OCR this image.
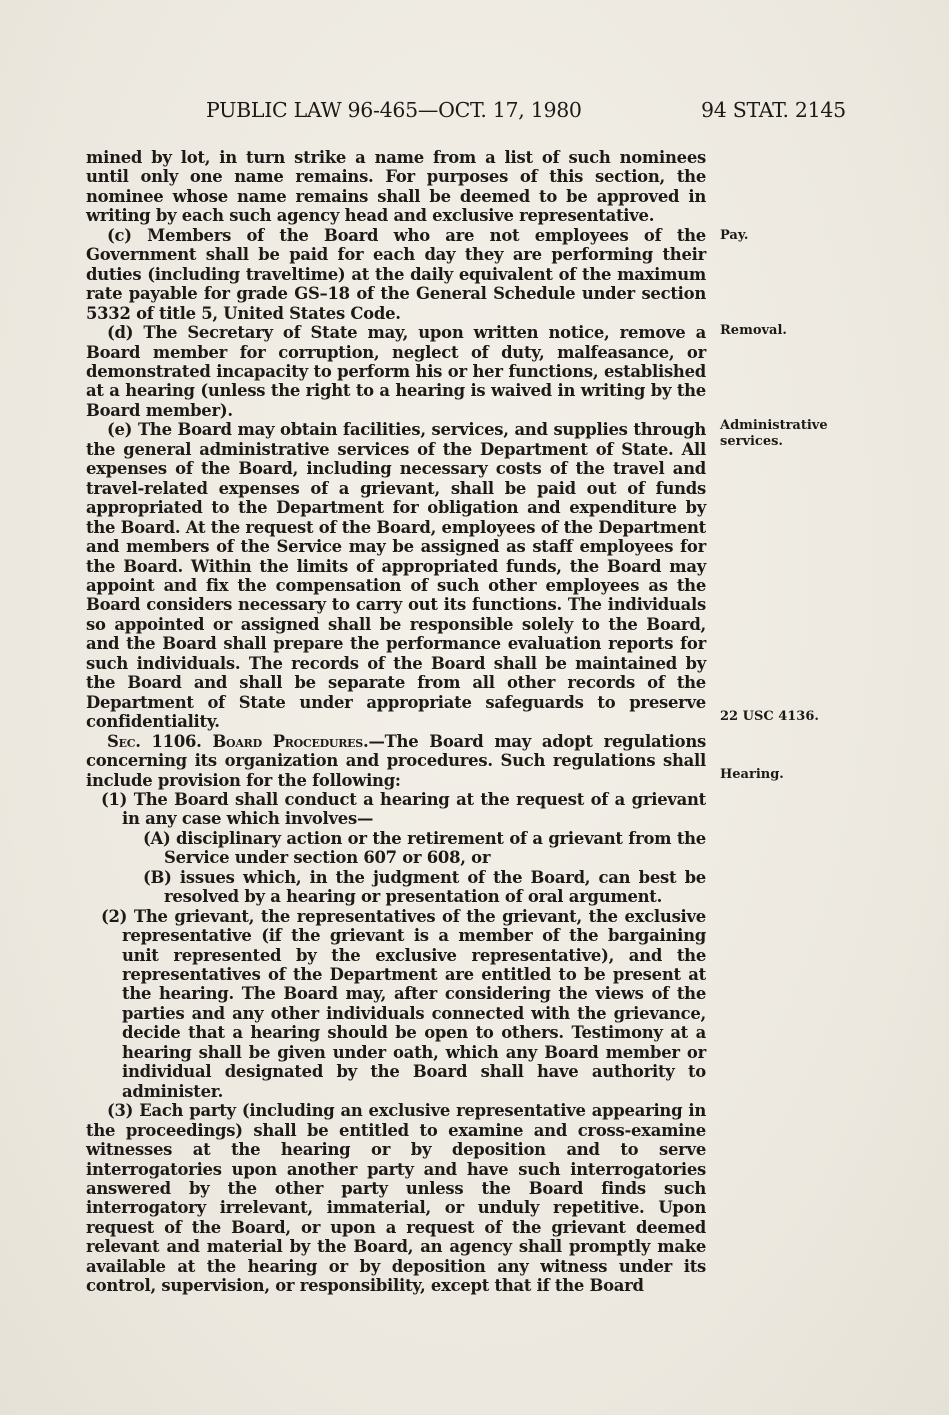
PUBLIC LAW 96-465—OCT. 17, 1980	94 STAT. 2145

mined by lot, in turn strike a name from a list of such nominees until only one name remains. For purposes of this section, the nominee whose name remains shall be deemed to be approved in writing by each such agency head and exclusive representative.

(c) Members of the Board who are not employees of the Government shall be paid for each day they are performing their duties (including traveltime) at the daily equivalent of the maximum rate payable for grade GS–18 of the General Schedule under section 5332 of title 5, United States Code.

(d) The Secretary of State may, upon written notice, remove a Board member for corruption, neglect of duty, malfeasance, or demonstrated incapacity to perform his or her functions, established at a hearing (unless the right to a hearing is waived in writing by the Board member).

(e) The Board may obtain facilities, services, and supplies through the general administrative services of the Department of State. All expenses of the Board, including necessary costs of the travel and travel-related expenses of a grievant, shall be paid out of funds appropriated to the Department for obligation and expenditure by the Board. At the request of the Board, employees of the Department and members of the Service may be assigned as staff employees for the Board. Within the limits of appropriated funds, the Board may appoint and fix the compensation of such other employees as the Board considers necessary to carry out its functions. The individuals so appointed or assigned shall be responsible solely to the Board, and the Board shall prepare the performance evaluation reports for such individuals. The records of the Board shall be maintained by the Board and shall be separate from all other records of the Department of State under appropriate safeguards to preserve confidentiality.

Sec. 1106. Board Procedures.—The Board may adopt regulations concerning its organization and procedures. Such regulations shall include provision for the following:

(1) The Board shall conduct a hearing at the request of a grievant in any case which involves—

(A) disciplinary action or the retirement of a grievant from the Service under section 607 or 608, or

(B) issues which, in the judgment of the Board, can best be resolved by a hearing or presentation of oral argument.

(2) The grievant, the representatives of the grievant, the exclusive representative (if the grievant is a member of the bargaining unit represented by the exclusive representative), and the representatives of the Department are entitled to be present at the hearing. The Board may, after considering the views of the parties and any other individuals connected with the grievance, decide that a hearing should be open to others. Testimony at a hearing shall be given under oath, which any Board member or individual designated by the Board shall have authority to administer.

(3) Each party (including an exclusive representative appearing in the proceedings) shall be entitled to examine and cross-examine witnesses at the hearing or by deposition and to serve interrogatories upon another party and have such interrogatories answered by the other party unless the Board finds such interrogatory irrelevant, immaterial, or unduly repetitive. Upon request of the Board, or upon a request of the grievant deemed relevant and material by the Board, an agency shall promptly make available at the hearing or by deposition any witness under its control, supervision, or responsibility, except that if the Board

Pay.
Removal.
Administrative
services.
22 USC 4136.
Hearing.
